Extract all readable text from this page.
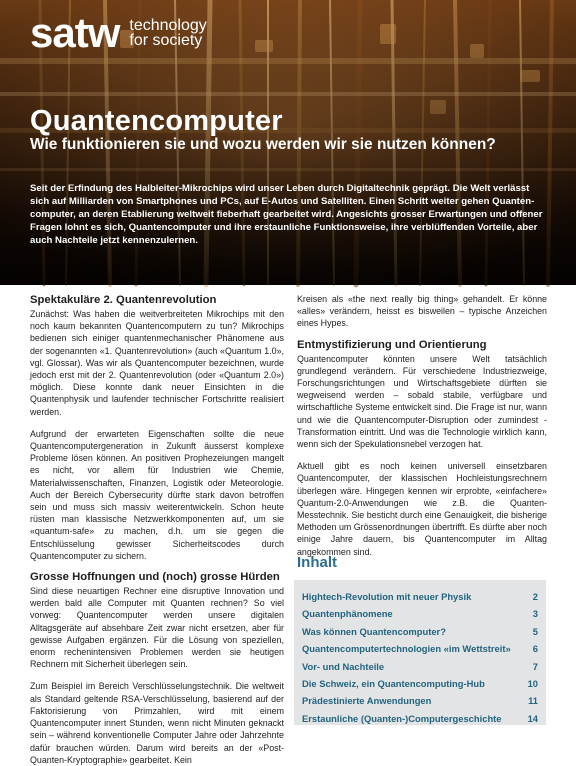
satw technology
for society
Quantencomputer
Wie funktionieren sie und wozu werden wir sie nutzen können?

Seit der Erfindung des Halbleiter-Mikrochips wird unser Leben durch Digitaltechnik geprägt. Die Welt verlässt sich auf Milliarden von Smartphones und PCs, auf E-Autos und Satelliten. Einen Schritt weiter gehen Quanten-computer, an deren Etablierung weltweit fieberhaft gearbeitet wird. Angesichts grosser Erwartungen und offener Fragen lohnt es sich, Quantencomputer und ihre erstaunliche Funktionsweise, ihre verblüffenden Vorteile, aber auch Nachteile jetzt kennenzulernen.

Spektakuläre 2. Quantenrevolution

Zunächst: Was haben die weitverbreiteten Mikrochips mit den noch kaum bekannten Quantencomputern zu tun? Mikrochips bedienen sich einiger quantenmechanischer Phänomene aus der sogenannten «1. Quantenrevolution» (auch «Quantum 1.0», vgl. Glossar). Was wir als Quantencomputer bezeichnen, wurde jedoch erst mit der 2. Quantenrevolution (oder «Quantum 2.0») möglich. Diese konnte dank neuer Einsichten in die Quantenphysik und laufender technischer Fortschritte realisiert werden.

Aufgrund der erwarteten Eigenschaften sollte die neue Quantencomputergeneration in Zukunft äusserst komplexe Probleme lösen können. An positiven Prophezeiungen mangelt es nicht, vor allem für Industrien wie Chemie, Materialwissenschaften, Finanzen, Logistik oder Meteorologie. Auch der Bereich Cybersecurity dürfte stark davon betroffen sein und muss sich massiv weiterentwickeln. Schon heute rüsten man klassische Netzwerkkomponenten auf, um sie «quantum-safe» zu machen, d.h. um sie gegen die Entschlüsselung gewisser Sicherheitscodes durch Quantencomputer zu sichern.

Grosse Hoffnungen und (noch) grosse Hürden

Sind diese neuartigen Rechner eine disruptive Innovation und werden bald alle Computer mit Quanten rechnen? So viel vorweg: Quantencomputer werden unsere digitalen Alltagsgeräte auf absehbare Zeit zwar nicht ersetzen, aber für gewisse Aufgaben ergänzen. Für die Lösung von speziellen, enorm rechenintensiven Problemen werden sie heutigen Rechnern mit Sicherheit überlegen sein.

Zum Beispiel im Bereich Verschlüsselungstechnik. Die weltweit als Standard geltende RSA-Verschlüsselung, basierend auf der Faktorisierung von Primzahlen, wird mit einem Quantencomputer innert Stunden, wenn nicht Minuten geknackt sein – während konventionelle Computer Jahre oder Jahrzehnte dafür brauchen würden. Darum wird bereits an der «Post-Quanten-Kryptographie» gearbeitet. Kein

Kreisen als «the next really big thing» gehandelt. Er könne «alles» verändern, heisst es bisweilen – typische Anzeichen eines Hypes.

Entmystifizierung und Orientierung

Quantencomputer könnten unsere Welt tatsächlich grundlegend verändern. Für verschiedene Industriezweige, Forschungsrichtungen und Wirtschaftsgebiete dürften sie wegweisend werden – sobald stabile, verfügbare und wirtschaftliche Systeme entwickelt sind. Die Frage ist nur, wann und wie die Quantencomputer-Disruption oder zumindest -Transformation eintritt. Und was die Technologie wirklich kann, wenn sich der Spekulationsnebel verzogen hat.

Aktuell gibt es noch keinen universell einsetzbaren Quantencomputer, der klassischen Hochleistungsrechnern überlegen wäre. Hingegen kennen wir erprobte, «einfachere» Quantum-2.0-Anwendungen wie z.B. die Quanten-Messtechnik. Sie besticht durch eine Genauigkeit, die bisherige Methoden um Grössenordnungen übertrifft. Es dürfte aber noch einige Jahre dauern, bis Quantencomputer im Alltag angekommen sind.

Inhalt
Hightech-Revolution mit neuer Physik	2
Quantenphänomene	3
Was können Quantencomputer?	5
Quantencomputertechnologien «im Wettstreit»	6
Vor- und Nachteile	7
Die Schweiz, ein Quantencomputing-Hub	10
Prädestinierte Anwendungen	11
Erstaunliche (Quanten-)Computergeschichte	14
